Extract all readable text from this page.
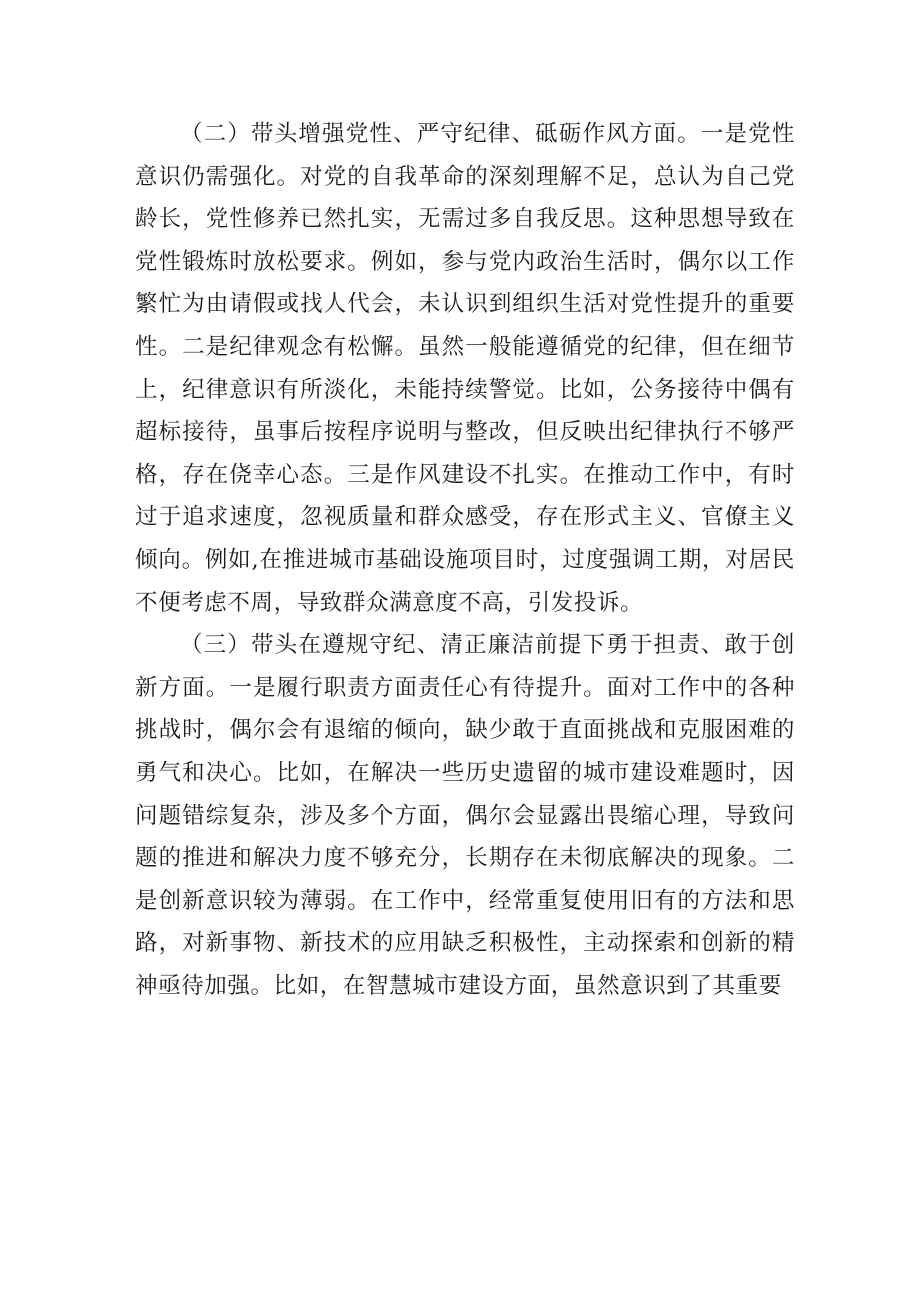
（二）带头增强党性、严守纪律、砥砺作风方面。一是党性意识仍需强化。对党的自我革命的深刻理解不足，总认为自己党龄长，党性修养已然扎实，无需过多自我反思。这种思想导致在党性锻炼时放松要求。例如，参与党内政治生活时，偶尔以工作繁忙为由请假或找人代会，未认识到组织生活对党性提升的重要性。二是纪律观念有松懈。虽然一般能遵循党的纪律，但在细节上，纪律意识有所淡化，未能持续警觉。比如，公务接待中偶有超标接待，虽事后按程序说明与整改，但反映出纪律执行不够严格，存在侥幸心态。三是作风建设不扎实。在推动工作中，有时过于追求速度，忽视质量和群众感受，存在形式主义、官僚主义倾向。例如,在推进城市基础设施项目时，过度强调工期，对居民不便考虑不周，导致群众满意度不高，引发投诉。

（三）带头在遵规守纪、清正廉洁前提下勇于担责、敢于创新方面。一是履行职责方面责任心有待提升。面对工作中的各种挑战时，偶尔会有退缩的倾向，缺少敢于直面挑战和克服困难的勇气和决心。比如，在解决一些历史遗留的城市建设难题时，因问题错综复杂，涉及多个方面，偶尔会显露出畏缩心理，导致问题的推进和解决力度不够充分，长期存在未彻底解决的现象。二是创新意识较为薄弱。在工作中，经常重复使用旧有的方法和思路，对新事物、新技术的应用缺乏积极性，主动探索和创新的精神亟待加强。比如，在智慧城市建设方面，虽然意识到了其重要
